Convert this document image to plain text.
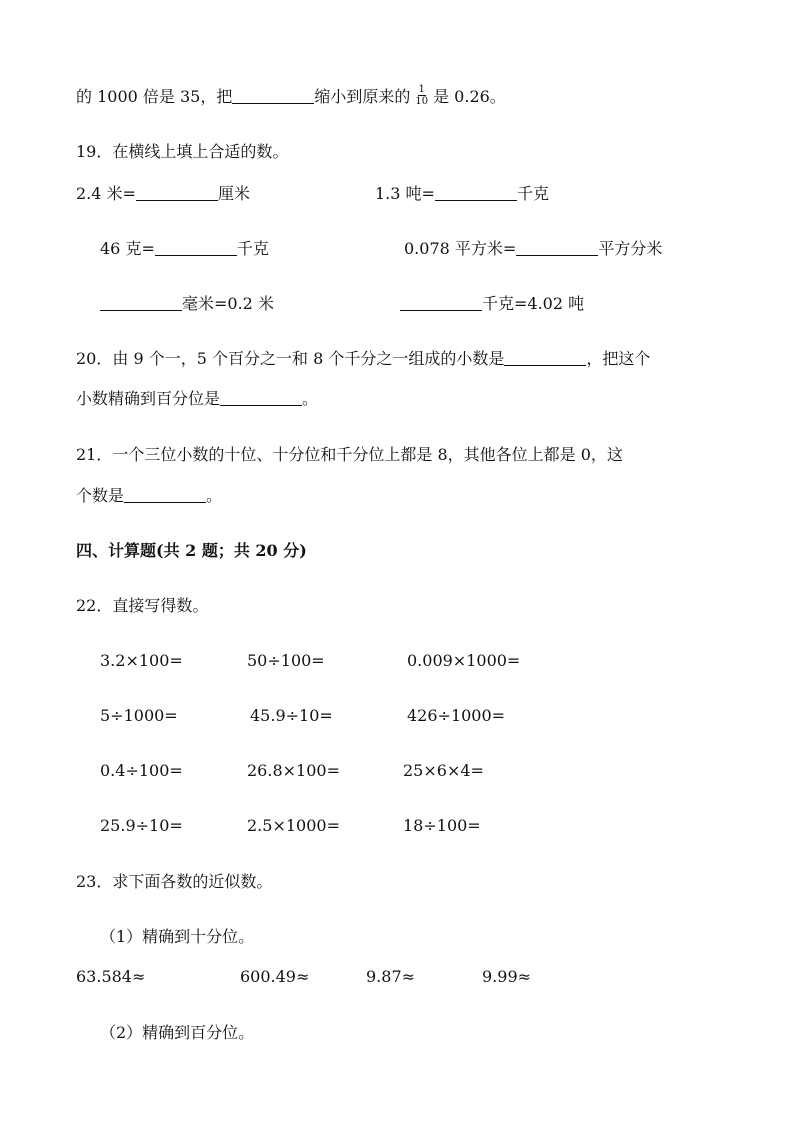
的 1000 倍是 35，把	缩小到原来的 $\frac{1}{10}$ 是 0.26。
19．在横线上填上合适的数。
2.4 米=	厘米	1.3 吨=	千克
46 克=	千克	0.078 平方米=	平方分米
毫米=0.2 米	千克=4.02 吨
20．由 9 个一，5 个百分之一和 8 个千分之一组成的小数是	，把这个
小数精确到百分位是	。
21．一个三位小数的十位、十分位和千分位上都是 8，其他各位上都是 0，这
个数是	。
四、计算题(共 2 题；共 20 分)
22．直接写得数。
3.2×100=	50÷100=	0.009×1000=
5÷1000=	45.9÷10=	426÷1000=
0.4÷100=	26.8×100=	25×6×4=
25.9÷10=	2.5×1000=	18÷100=
23．求下面各数的近似数。
（1）精确到十分位。
63.584≈	600.49≈	9.87≈	9.99≈
（2）精确到百分位。
